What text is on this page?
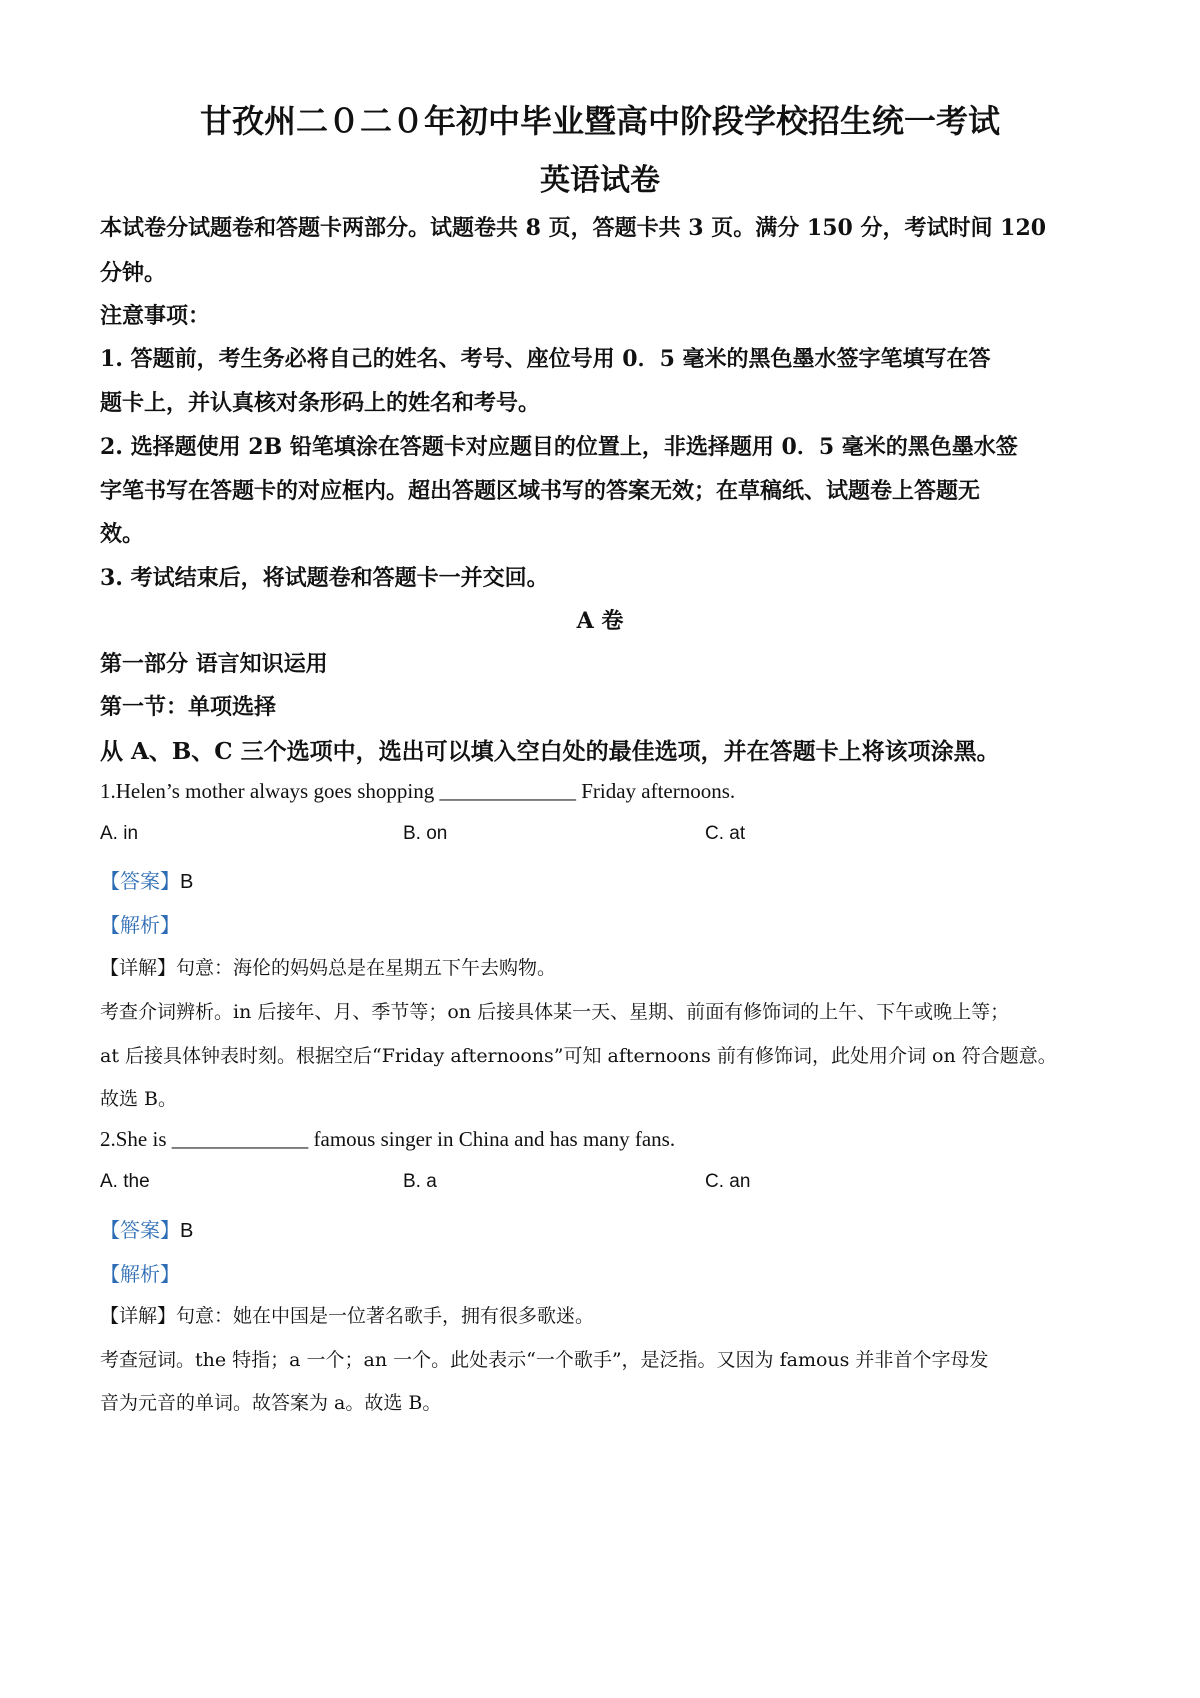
甘孜州二０二０年初中毕业暨高中阶段学校招生统一考试
英语试卷
本试卷分试题卷和答题卡两部分。试题卷共 8 页，答题卡共 3 页。满分 150 分，考试时间 120
分钟。
注意事项：
1. 答题前，考生务必将自己的姓名、考号、座位号用 0．5 毫米的黑色墨水签字笔填写在答
题卡上，并认真核对条形码上的姓名和考号。
2. 选择题使用 2B 铅笔填涂在答题卡对应题目的位置上，非选择题用 0．5 毫米的黑色墨水签
字笔书写在答题卡的对应框内。超出答题区域书写的答案无效；在草稿纸、试题卷上答题无
效。
3. 考试结束后，将试题卷和答题卡一并交回。
A 卷
第一部分 语言知识运用
第一节：单项选择
从 A、B、C 三个选项中，选出可以填入空白处的最佳选项，并在答题卡上将该项涂黑。
1.Helen’s mother always goes shopping _____________ Friday afternoons.
A. in	B. on	C. at
【答案】B
【解析】
【详解】句意：海伦的妈妈总是在星期五下午去购物。
考查介词辨析。in 后接年、月、季节等；on 后接具体某一天、星期、前面有修饰词的上午、下午或晚上等；
at 后接具体钟表时刻。根据空后“Friday afternoons”可知 afternoons 前有修饰词，此处用介词 on 符合题意。
故选 B。
2.She is _____________ famous singer in China and has many fans.
A. the	B. a	C. an
【答案】B
【解析】
【详解】句意：她在中国是一位著名歌手，拥有很多歌迷。
考查冠词。the 特指；a 一个；an 一个。此处表示“一个歌手”，是泛指。又因为 famous 并非首个字母发
音为元音的单词。故答案为 a。故选 B。
